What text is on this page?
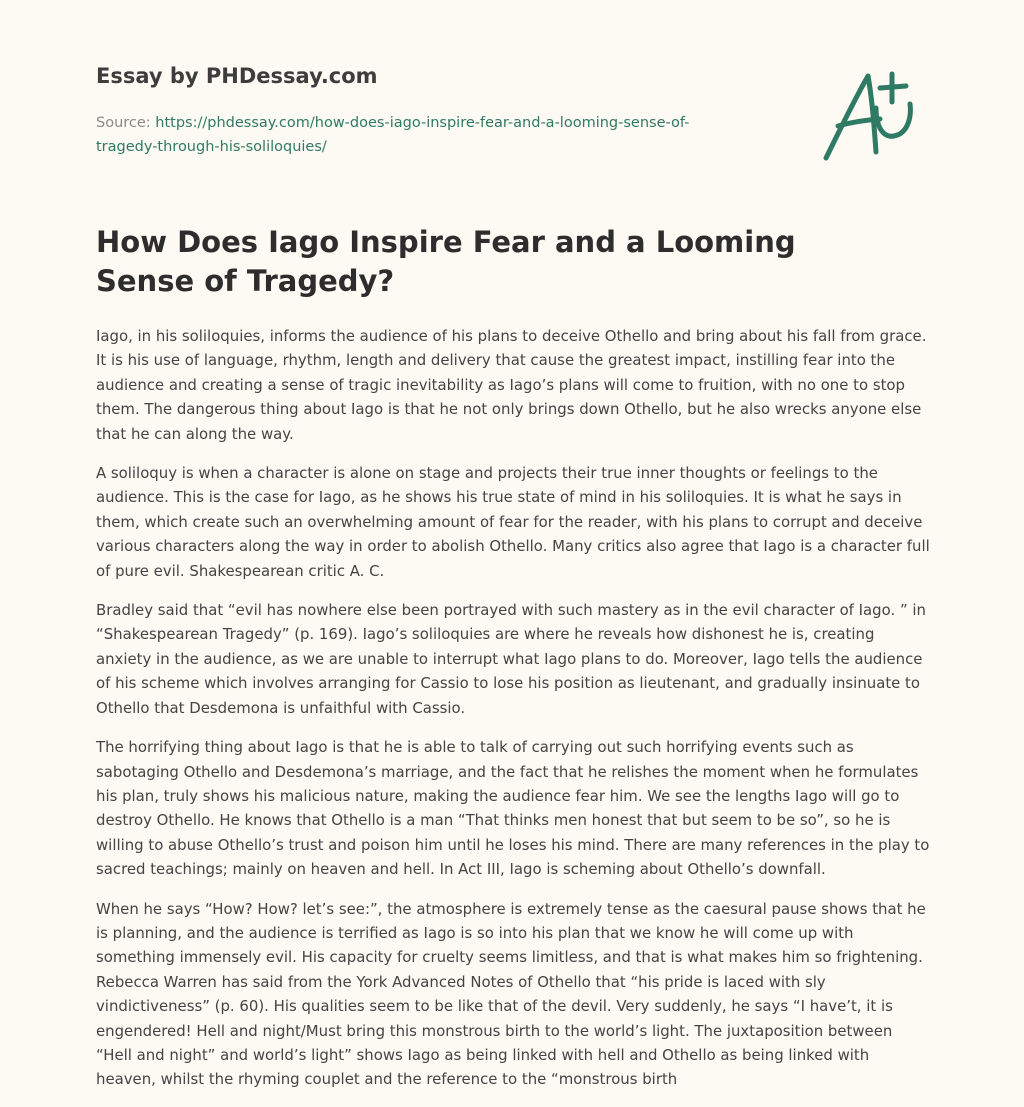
Essay by PHDessay.com

Source: https://phdessay.com/how-does-iago-inspire-fear-and-a-looming-sense-of-tragedy-through-his-soliloquies/

How Does Iago Inspire Fear and a Looming Sense of Tragedy?

Iago, in his soliloquies, informs the audience of his plans to deceive Othello and bring about his fall from grace. It is his use of language, rhythm, length and delivery that cause the greatest impact, instilling fear into the audience and creating a sense of tragic inevitability as Iago’s plans will come to fruition, with no one to stop them. The dangerous thing about Iago is that he not only brings down Othello, but he also wrecks anyone else that he can along the way.

A soliloquy is when a character is alone on stage and projects their true inner thoughts or feelings to the audience. This is the case for Iago, as he shows his true state of mind in his soliloquies. It is what he says in them, which create such an overwhelming amount of fear for the reader, with his plans to corrupt and deceive various characters along the way in order to abolish Othello. Many critics also agree that Iago is a character full of pure evil. Shakespearean critic A. C.

Bradley said that “evil has nowhere else been portrayed with such mastery as in the evil character of Iago. ” in “Shakespearean Tragedy” (p. 169). Iago’s soliloquies are where he reveals how dishonest he is, creating anxiety in the audience, as we are unable to interrupt what Iago plans to do. Moreover, Iago tells the audience of his scheme which involves arranging for Cassio to lose his position as lieutenant, and gradually insinuate to Othello that Desdemona is unfaithful with Cassio.

The horrifying thing about Iago is that he is able to talk of carrying out such horrifying events such as sabotaging Othello and Desdemona’s marriage, and the fact that he relishes the moment when he formulates his plan, truly shows his malicious nature, making the audience fear him. We see the lengths Iago will go to destroy Othello. He knows that Othello is a man “That thinks men honest that but seem to be so”, so he is willing to abuse Othello’s trust and poison him until he loses his mind. There are many references in the play to sacred teachings; mainly on heaven and hell. In Act III, Iago is scheming about Othello’s downfall.

When he says “How? How? let’s see:”, the atmosphere is extremely tense as the caesural pause shows that he is planning, and the audience is terrified as Iago is so into his plan that we know he will come up with something immensely evil. His capacity for cruelty seems limitless, and that is what makes him so frightening. Rebecca Warren has said from the York Advanced Notes of Othello that “his pride is laced with sly vindictiveness” (p. 60). His qualities seem to be like that of the devil. Very suddenly, he says “I have’t, it is engendered! Hell and night/Must bring this monstrous birth to the world’s light. The juxtaposition between “Hell and night” and world’s light” shows Iago as being linked with hell and Othello as being linked with heaven, whilst the rhyming couplet and the reference to the “monstrous birth
